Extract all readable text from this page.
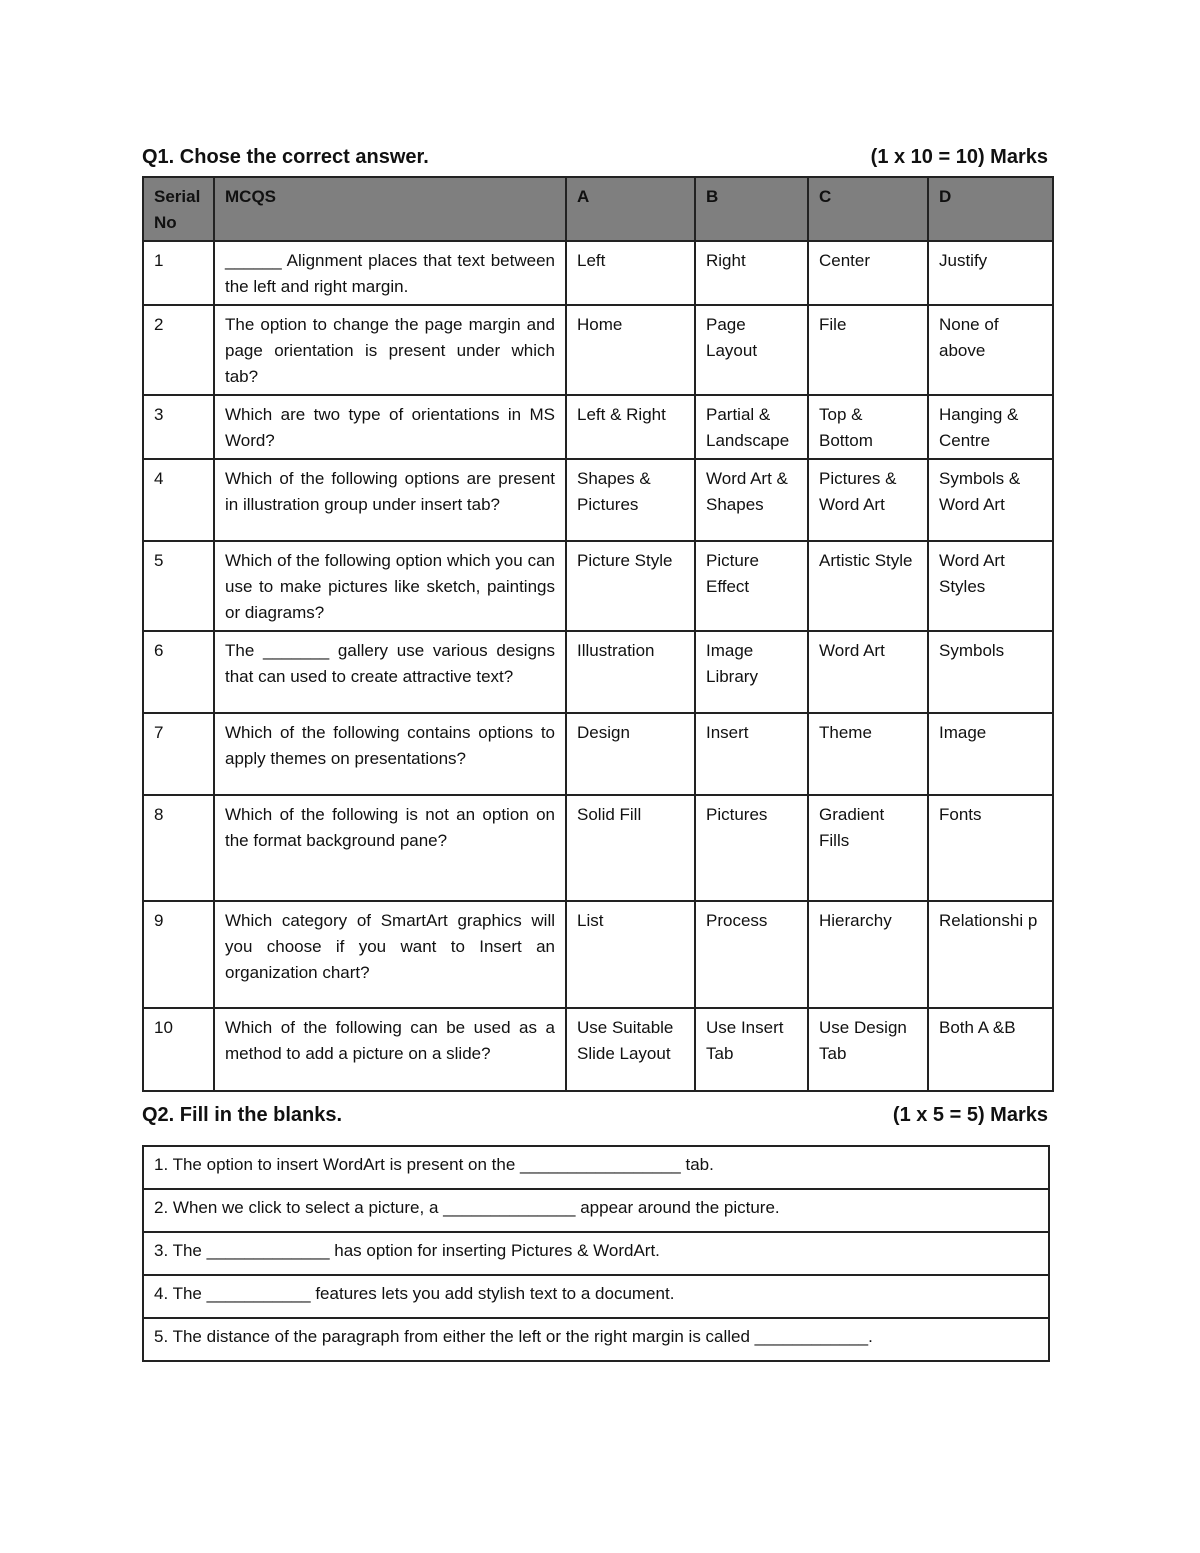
Q1. Chose the correct answer.	(1 x 10 = 10) Marks
Serial No	MCQS	A	B	C	D
1	______ Alignment places that text between the left and right margin.	Left	Right	Center	Justify
2	The option to change the page margin and page orientation is present under which tab?	Home	Page Layout	File	None of above
3	Which are two type of orientations in MS Word?	Left & Right	Partial & Landscape	Top & Bottom	Hanging & Centre
4	Which of the following options are present in illustration group under insert tab?	Shapes & Pictures	Word Art & Shapes	Pictures & Word Art	Symbols & Word Art
5	Which of the following option which you can use to make pictures like sketch, paintings or diagrams?	Picture Style	Picture Effect	Artistic Style	Word Art Styles
6	The _______ gallery use various designs that can used to create attractive text?	Illustration	Image Library	Word Art	Symbols
7	Which of the following contains options to apply themes on presentations?	Design	Insert	Theme	Image
8	Which of the following is not an option on the format background pane?	Solid Fill	Pictures	Gradient Fills	Fonts
9	Which category of SmartArt graphics will you choose if you want to Insert an organization chart?	List	Process	Hierarchy	Relationshi p
10	Which of the following can be used as a method to add a picture on a slide?	Use Suitable Slide Layout	Use Insert Tab	Use Design Tab	Both A &B
Q2. Fill in the blanks.	(1 x 5 = 5) Marks
1. The option to insert WordArt is present on the _________________ tab.
2. When we click to select a picture, a ______________ appear around the picture.
3. The _____________ has option for inserting Pictures & WordArt.
4. The ___________ features lets you add stylish text to a document.
5. The distance of the paragraph from either the left or the right margin is called ____________.
